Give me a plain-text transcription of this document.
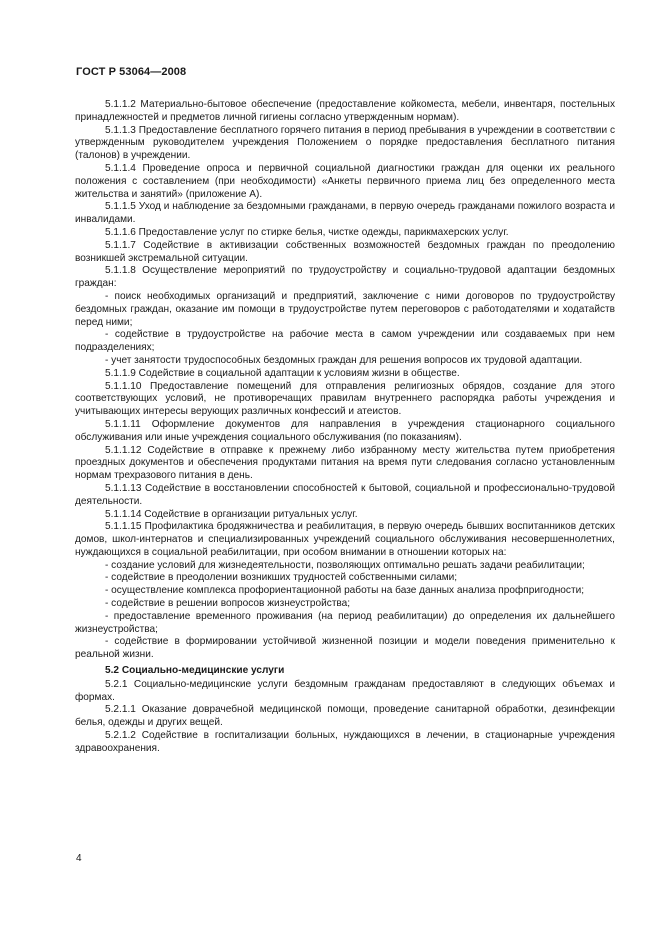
ГОСТ Р 53064—2008

5.1.1.2 Материально-бытовое обеспечение (предоставление койкоместа, мебели, инвентаря, постельных принадлежностей и предметов личной гигиены согласно утвержденным нормам).

5.1.1.3 Предоставление бесплатного горячего питания в период пребывания в учреждении в соответствии с утвержденным руководителем учреждения Положением о порядке предоставления бесплатного питания (талонов) в учреждении.

5.1.1.4 Проведение опроса и первичной социальной диагностики граждан для оценки их реального положения с составлением (при необходимости) «Анкеты первичного приема лиц без определенного места жительства и занятий» (приложение А).

5.1.1.5 Уход и наблюдение за бездомными гражданами, в первую очередь гражданами пожилого возраста и инвалидами.

5.1.1.6 Предоставление услуг по стирке белья, чистке одежды, парикмахерских услуг.

5.1.1.7 Содействие в активизации собственных возможностей бездомных граждан по преодолению возникшей экстремальной ситуации.

5.1.1.8 Осуществление мероприятий по трудоустройству и социально-трудовой адаптации бездомных граждан:

- поиск необходимых организаций и предприятий, заключение с ними договоров по трудоустройству бездомных граждан, оказание им помощи в трудоустройстве путем переговоров с работодателями и ходатайств перед ними;

- содействие в трудоустройстве на рабочие места в самом учреждении или создаваемых при нем подразделениях;

- учет занятости трудоспособных бездомных граждан для решения вопросов их трудовой адаптации.

5.1.1.9 Содействие в социальной адаптации к условиям жизни в обществе.

5.1.1.10 Предоставление помещений для отправления религиозных обрядов, создание для этого соответствующих условий, не противоречащих правилам внутреннего распорядка работы учреждения и учитывающих интересы верующих различных конфессий и атеистов.

5.1.1.11 Оформление документов для направления в учреждения стационарного социального обслуживания или иные учреждения социального обслуживания (по показаниям).

5.1.1.12 Содействие в отправке к прежнему либо избранному месту жительства путем приобретения проездных документов и обеспечения продуктами питания на время пути следования согласно установленным нормам трехразового питания в день.

5.1.1.13 Содействие в восстановлении способностей к бытовой, социальной и профессионально-трудовой деятельности.

5.1.1.14 Содействие в организации ритуальных услуг.

5.1.1.15 Профилактика бродяжничества и реабилитация, в первую очередь бывших воспитанников детских домов, школ-интернатов и специализированных учреждений социального обслуживания несовершеннолетних, нуждающихся в социальной реабилитации, при особом внимании в отношении которых на:

- создание условий для жизнедеятельности, позволяющих оптимально решать задачи реабилитации;

- содействие в преодолении возникших трудностей собственными силами;

- осуществление комплекса профориентационной работы на базе данных анализа профпригодности;

- содействие в решении вопросов жизнеустройства;

- предоставление временного проживания (на период реабилитации) до определения их дальнейшего жизнеустройства;

- содействие в формировании устойчивой жизненной позиции и модели поведения применительно к реальной жизни.

5.2 Социально-медицинские услуги

5.2.1 Социально-медицинские услуги бездомным гражданам предоставляют в следующих объемах и формах.

5.2.1.1 Оказание доврачебной медицинской помощи, проведение санитарной обработки, дезинфекции белья, одежды и других вещей.

5.2.1.2 Содействие в госпитализации больных, нуждающихся в лечении, в стационарные учреждения здравоохранения.

4
